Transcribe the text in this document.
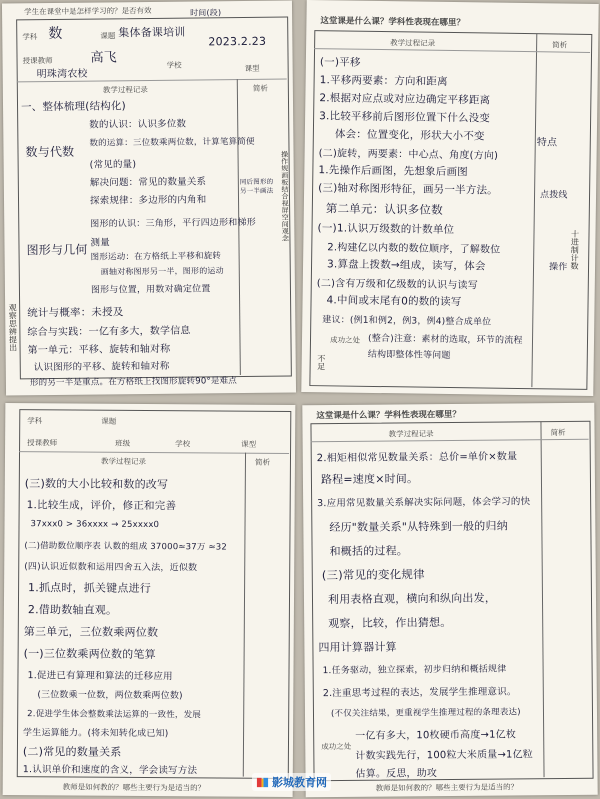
学生在课堂中是怎样学习的？是否有效
学科 数	课题 集体备课培训
时间(段)
2023.2.23
授课教师	高飞	学校	课型
明珠湾农校
教学过程记录	简析
一、整体梳理(结构化)
数的认识：认识多位数
数的运算：三位数乘两位数，计算笔算简便
(常见的量)
解决问题：常见的数量关系
探索规律：多边形的内角和
数与代数
图形的认识：三角形，平行四边形和梯形
测量
图形运动：在方格纸上平移和旋转
画轴对称图形另一半，图形的运动
图形与位置，用数对确定位置
图形与几何
统计与概率：未授及
综合与实践：一亿有多大，数学信息
第一单元：平移、旋转和轴对称
认识图形的平移、旋转和轴对称
形的另一半是重点。在方格纸上找图形旋转90°是难点
观察思辨提出
操作规画板结合视屏空间观念
同后图形的另一半画法
这堂课是什么课？学科性表现在哪里？
教学过程记录	简析
(一)平移
1.平移两要素：方向和距离
2.根据对应点或对应边确定平移距离
3.比较平移前后图形位置下什么没变
体会：位置变化，形状大小不变
(二)旋转，两要素：中心点、角度(方向)
1.先操作后画图，先想象后画图
(三)轴对称图形特征，画另一半方法。
第二单元：认识多位数
(一)1.认识万级数的计数单位
2.构建亿以内数的数位顺序，了解数位
3.算盘上拨数→组成，读写，体会
(二)含有万级和亿级数的认识与读写
4.中间或末尾有0的数的读写
建议：(例1和例2，例3，例4)整合成单位
(整合)注意：素材的选取，环节的流程
结构即整体性等问题
成功之处
不足
特点
点拨线
操作 十进制计数
学科	课题
授课教师	班级	学校	课型
教学过程记录	简析
(三)数的大小比较和数的改写
1.比较生成，评价，修正和完善
37xxx0 > 36xxxx → 25xxxx0
(二)借助数位顺序表 认数的组成 37000≈37万 ≈32
(四)认识近似数和运用四舍五入法，近似数
1.抓点时，抓关键点进行
2.借助数轴直观。
第三单元，三位数乘两位数
(一)三位数乘两位数的笔算
1.促进已有算理和算法的迁移应用
(三位数乘一位数，两位数乘两位数)
2.促进学生体会整数乘法运算的一致性，发展
学生运算能力。(将未知转化成已知)
(二)常见的数量关系
1.认识单价和速度的含义，学会读写方法
教师是如何教的？哪些主要行为是适当的？
这堂课是什么课？学科性表现在哪里？
教学过程记录	简析
2.相矩相似常见数量关系：总价=单价×数量
路程=速度×时间。
3.应用常见数量关系解决实际问题，体会学习的快
经历"数量关系"从特殊到一般的归纳
和概括的过程。
(三)常见的变化规律
利用表格直观，横向和纵向出发，
观察，比较，作出猜想。
四用计算器计算
1.任务驱动，独立探索，初步归纳和概括规律
2.注重思考过程的表达，发展学生推理意识。
(不仅关注结果，更重视学生推理过程的条理表达)
一亿有多大，10枚硬币高度→1亿枚
计数实践先行，100粒大米质量→1亿粒
估算。反思，助攻
成功之处
教师是如何教的？哪些主要行为是适当的？
影城教育网
